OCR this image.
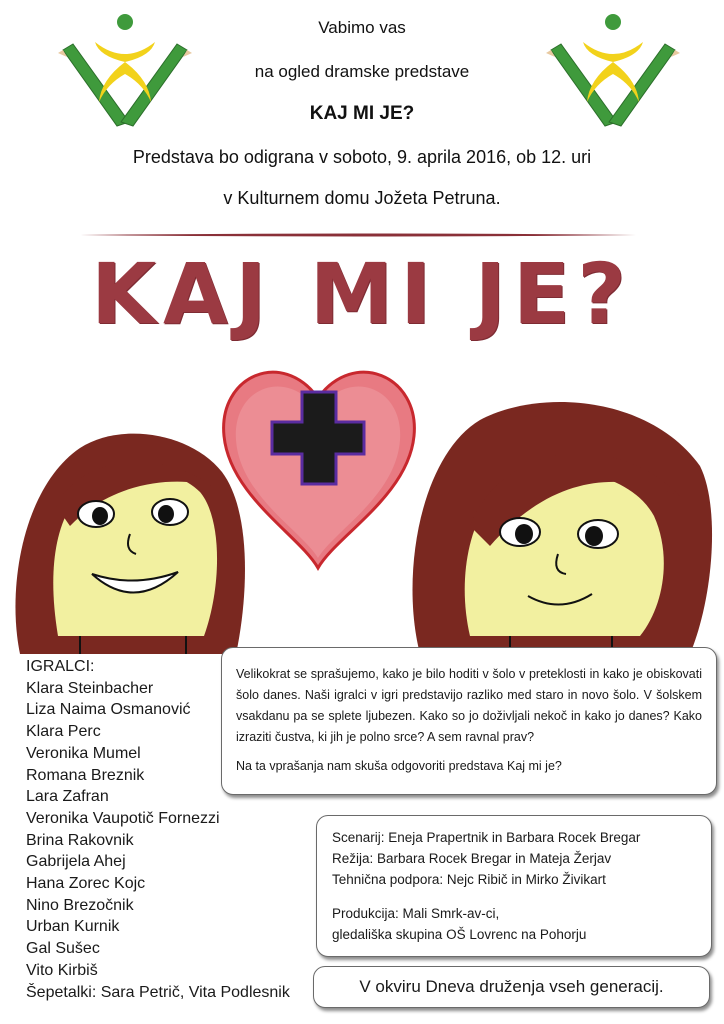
Vabimo vas
na ogled dramske predstave
KAJ MI JE?
Predstava bo odigrana v soboto, 9. aprila 2016, ob 12. uri
v Kulturnem domu Jožeta Petruna.
KAJ MI JE?
IGRALCI:
Klara Steinbacher
Liza Naima Osmanović
Klara Perc
Veronika Mumel
Romana Breznik
Lara Zafran
Veronika Vaupotič Fornezzi
Brina Rakovnik
Gabrijela Ahej
Hana Zorec Kojc
Nino Brezočnik
Urban Kurnik
Gal Sušec
Vito Kirbiš
Šepetalki: Sara Petrič, Vita Podlesnik

Velikokrat se sprašujemo, kako je bilo hoditi v šolo v preteklosti in kako je obiskovati šolo danes. Naši igralci v igri predstavijo razliko med staro in novo šolo. V šolskem vsakdanu pa se splete ljubezen. Kako so jo doživljali nekoč in kako jo danes? Kako izraziti čustva, ki jih je polno srce? A sem ravnal prav?

Na ta vprašanja nam skuša odgovoriti predstava Kaj mi je?

Scenarij: Eneja Prapertnik in Barbara Rocek Bregar
Režija: Barbara Rocek Bregar in Mateja Žerjav
Tehnična podpora: Nejc Ribič in Mirko Živikart
Produkcija: Mali Smrk-av-ci,
gledališka skupina OŠ Lovrenc na Pohorju
V okviru Dneva druženja vseh generacij.
